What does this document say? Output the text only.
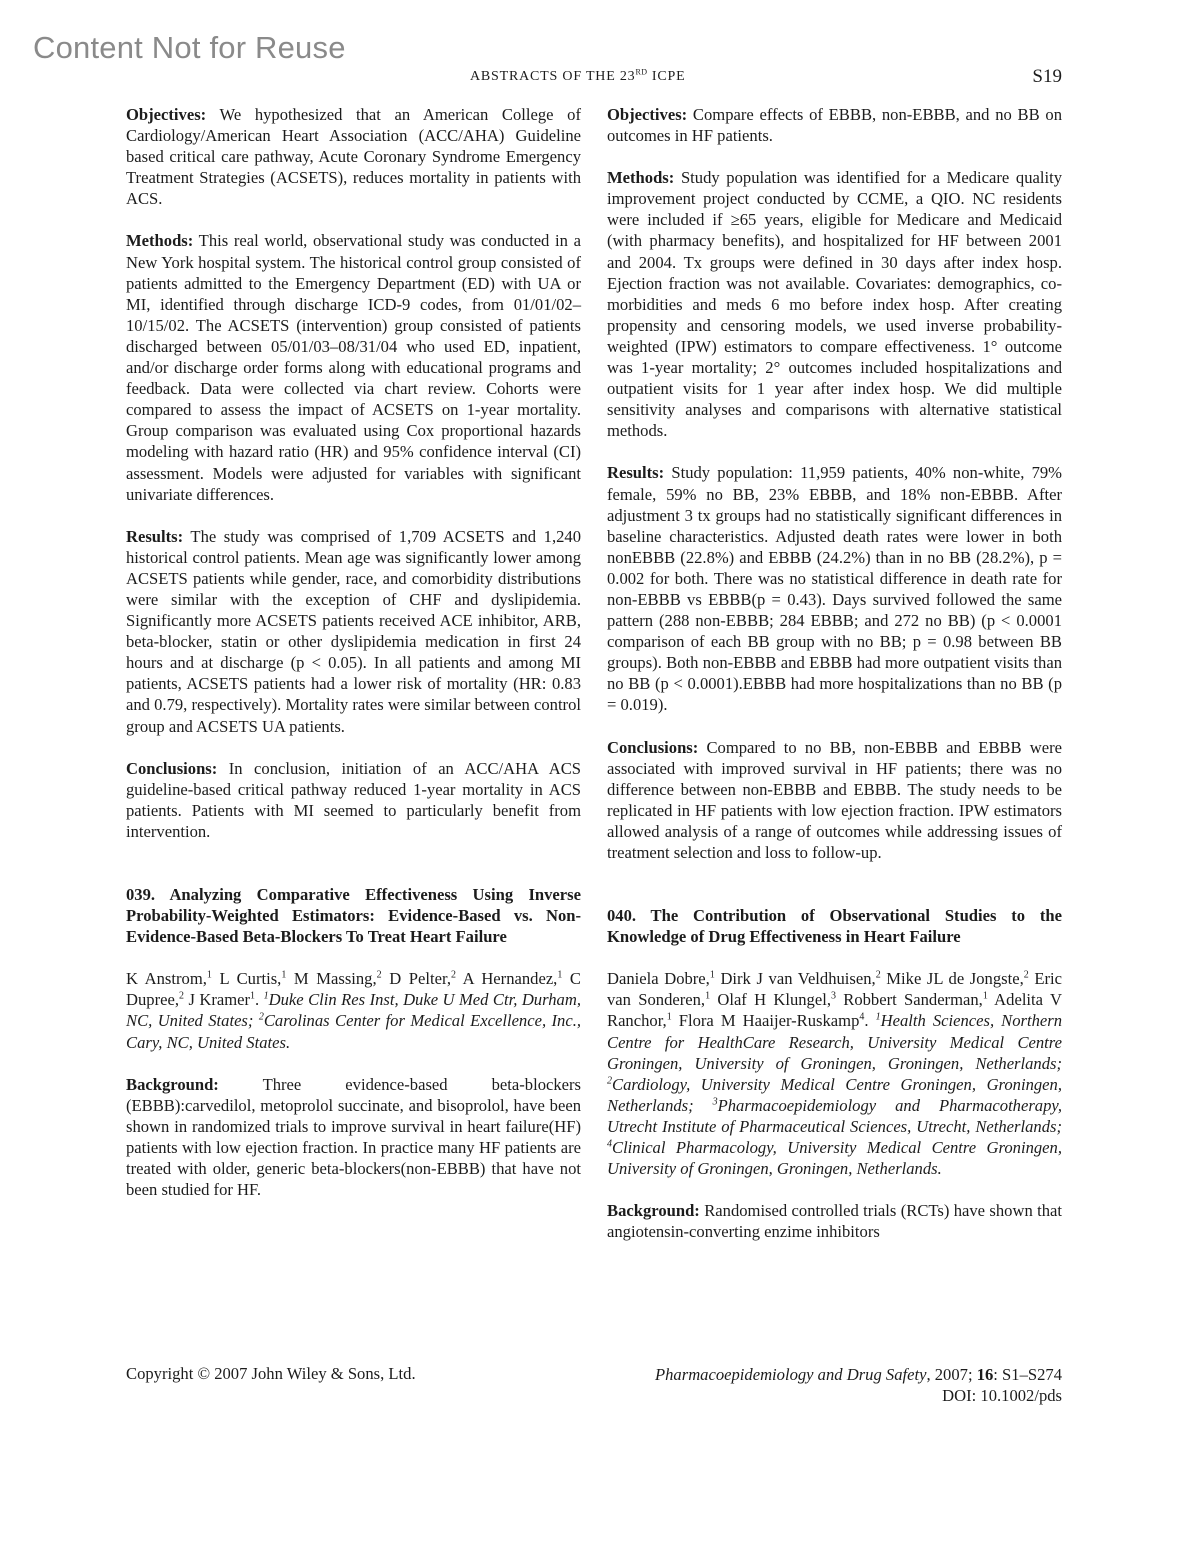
Content Not for Reuse
ABSTRACTS OF THE 23RD ICPE	S19

Objectives: We hypothesized that an American College of Cardiology/American Heart Association (ACC/AHA) Guideline based critical care pathway, Acute Coronary Syndrome Emergency Treatment Strategies (ACSETS), reduces mortality in patients with ACS.

Methods: This real world, observational study was conducted in a New York hospital system. The historical control group consisted of patients admitted to the Emergency Department (ED) with UA or MI, identified through discharge ICD-9 codes, from 01/01/02–10/15/02. The ACSETS (intervention) group consisted of patients discharged between 05/01/03–08/31/04 who used ED, inpatient, and/or discharge order forms along with educational programs and feedback. Data were collected via chart review. Cohorts were compared to assess the impact of ACSETS on 1-year mortality. Group comparison was evaluated using Cox proportional hazards modeling with hazard ratio (HR) and 95% confidence interval (CI) assessment. Models were adjusted for variables with significant univariate differences.

Results: The study was comprised of 1,709 ACSETS and 1,240 historical control patients. Mean age was significantly lower among ACSETS patients while gender, race, and comorbidity distributions were similar with the exception of CHF and dyslipidemia. Significantly more ACSETS patients received ACE inhibitor, ARB, beta-blocker, statin or other dyslipidemia medication in first 24 hours and at discharge (p < 0.05). In all patients and among MI patients, ACSETS patients had a lower risk of mortality (HR: 0.83 and 0.79, respectively). Mortality rates were similar between control group and ACSETS UA patients.

Conclusions: In conclusion, initiation of an ACC/AHA ACS guideline-based critical pathway reduced 1-year mortality in ACS patients. Patients with MI seemed to particularly benefit from intervention.

039. Analyzing Comparative Effectiveness Using Inverse Probability-Weighted Estimators: Evidence-Based vs. Non-Evidence-Based Beta-Blockers To Treat Heart Failure

K Anstrom,$^1$ L Curtis,$^1$ M Massing,$^2$ D Pelter,$^2$ A Hernandez,$^1$ C Dupree,$^2$ J Kramer$^1$. $^1$Duke Clin Res Inst, Duke U Med Ctr, Durham, NC, United States; $^2$Carolinas Center for Medical Excellence, Inc., Cary, NC, United States.

Background: Three evidence-based beta-blockers (EBBB):carvedilol, metoprolol succinate, and bisoprolol, have been shown in randomized trials to improve survival in heart failure(HF) patients with low ejection fraction. In practice many HF patients are treated with older, generic beta-blockers(non-EBBB) that have not been studied for HF.

Objectives: Compare effects of EBBB, non-EBBB, and no BB on outcomes in HF patients.

Methods: Study population was identified for a Medicare quality improvement project conducted by CCME, a QIO. NC residents were included if ≥65 years, eligible for Medicare and Medicaid (with pharmacy benefits), and hospitalized for HF between 2001 and 2004. Tx groups were defined in 30 days after index hosp. Ejection fraction was not available. Covariates: demographics, co-morbidities and meds 6 mo before index hosp. After creating propensity and censoring models, we used inverse probability-weighted (IPW) estimators to compare effectiveness. 1° outcome was 1-year mortality; 2° outcomes included hospitalizations and outpatient visits for 1 year after index hosp. We did multiple sensitivity analyses and comparisons with alternative statistical methods.

Results: Study population: 11,959 patients, 40% non-white, 79% female, 59% no BB, 23% EBBB, and 18% non-EBBB. After adjustment 3 tx groups had no statistically significant differences in baseline characteristics. Adjusted death rates were lower in both nonEBBB (22.8%) and EBBB (24.2%) than in no BB (28.2%), p = 0.002 for both. There was no statistical difference in death rate for non-EBBB vs EBBB(p = 0.43). Days survived followed the same pattern (288 non-EBBB; 284 EBBB; and 272 no BB) (p < 0.0001 comparison of each BB group with no BB; p = 0.98 between BB groups). Both non-EBBB and EBBB had more outpatient visits than no BB (p < 0.0001).EBBB had more hospitalizations than no BB (p = 0.019).

Conclusions: Compared to no BB, non-EBBB and EBBB were associated with improved survival in HF patients; there was no difference between non-EBBB and EBBB. The study needs to be replicated in HF patients with low ejection fraction. IPW estimators allowed analysis of a range of outcomes while addressing issues of treatment selection and loss to follow-up.

040. The Contribution of Observational Studies to the Knowledge of Drug Effectiveness in Heart Failure

Daniela Dobre,$^1$ Dirk J van Veldhuisen,$^2$ Mike JL de Jongste,$^2$ Eric van Sonderen,$^1$ Olaf H Klungel,$^3$ Robbert Sanderman,$^1$ Adelita V Ranchor,$^1$ Flora M Haaijer-Ruskamp$^4$. $^1$Health Sciences, Northern Centre for HealthCare Research, University Medical Centre Groningen, University of Groningen, Groningen, Netherlands; $^2$Cardiology, University Medical Centre Groningen, Groningen, Netherlands; $^3$Pharmacoepidemiology and Pharmacotherapy, Utrecht Institute of Pharmaceutical Sciences, Utrecht, Netherlands; $^4$Clinical Pharmacology, University Medical Centre Groningen, University of Groningen, Groningen, Netherlands.

Background: Randomised controlled trials (RCTs) have shown that angiotensin-converting enzime inhibitors

Copyright © 2007 John Wiley & Sons, Ltd.	Pharmacoepidemiology and Drug Safety, 2007; 16: S1–S274
DOI: 10.1002/pds
